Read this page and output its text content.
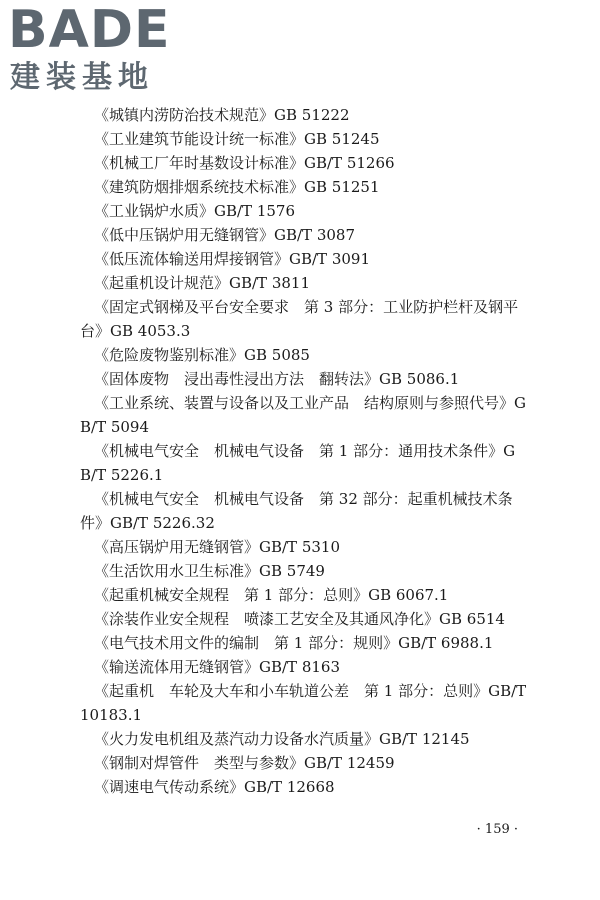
BADE
建装基地
《城镇内涝防治技术规范》GB 51222
《工业建筑节能设计统一标准》GB 51245
《机械工厂年时基数设计标准》GB/T 51266
《建筑防烟排烟系统技术标准》GB 51251
《工业锅炉水质》GB/T 1576
《低中压锅炉用无缝钢管》GB/T 3087
《低压流体输送用焊接钢管》GB/T 3091
《起重机设计规范》GB/T 3811
《固定式钢梯及平台安全要求　第 3 部分：工业防护栏杆及钢平台》GB 4053.3
《危险废物鉴别标准》GB 5085
《固体废物　浸出毒性浸出方法　翻转法》GB 5086.1
《工业系统、装置与设备以及工业产品　结构原则与参照代号》GB/T 5094
《机械电气安全　机械电气设备　第 1 部分：通用技术条件》GB/T 5226.1
《机械电气安全　机械电气设备　第 32 部分：起重机械技术条件》GB/T 5226.32
《高压锅炉用无缝钢管》GB/T 5310
《生活饮用水卫生标准》GB 5749
《起重机械安全规程　第 1 部分：总则》GB 6067.1
《涂装作业安全规程　喷漆工艺安全及其通风净化》GB 6514
《电气技术用文件的编制　第 1 部分：规则》GB/T 6988.1
《输送流体用无缝钢管》GB/T 8163
《起重机　车轮及大车和小车轨道公差　第 1 部分：总则》GB/T 10183.1
《火力发电机组及蒸汽动力设备水汽质量》GB/T 12145
《钢制对焊管件　类型与参数》GB/T 12459
《调速电气传动系统》GB/T 12668
· 159 ·
